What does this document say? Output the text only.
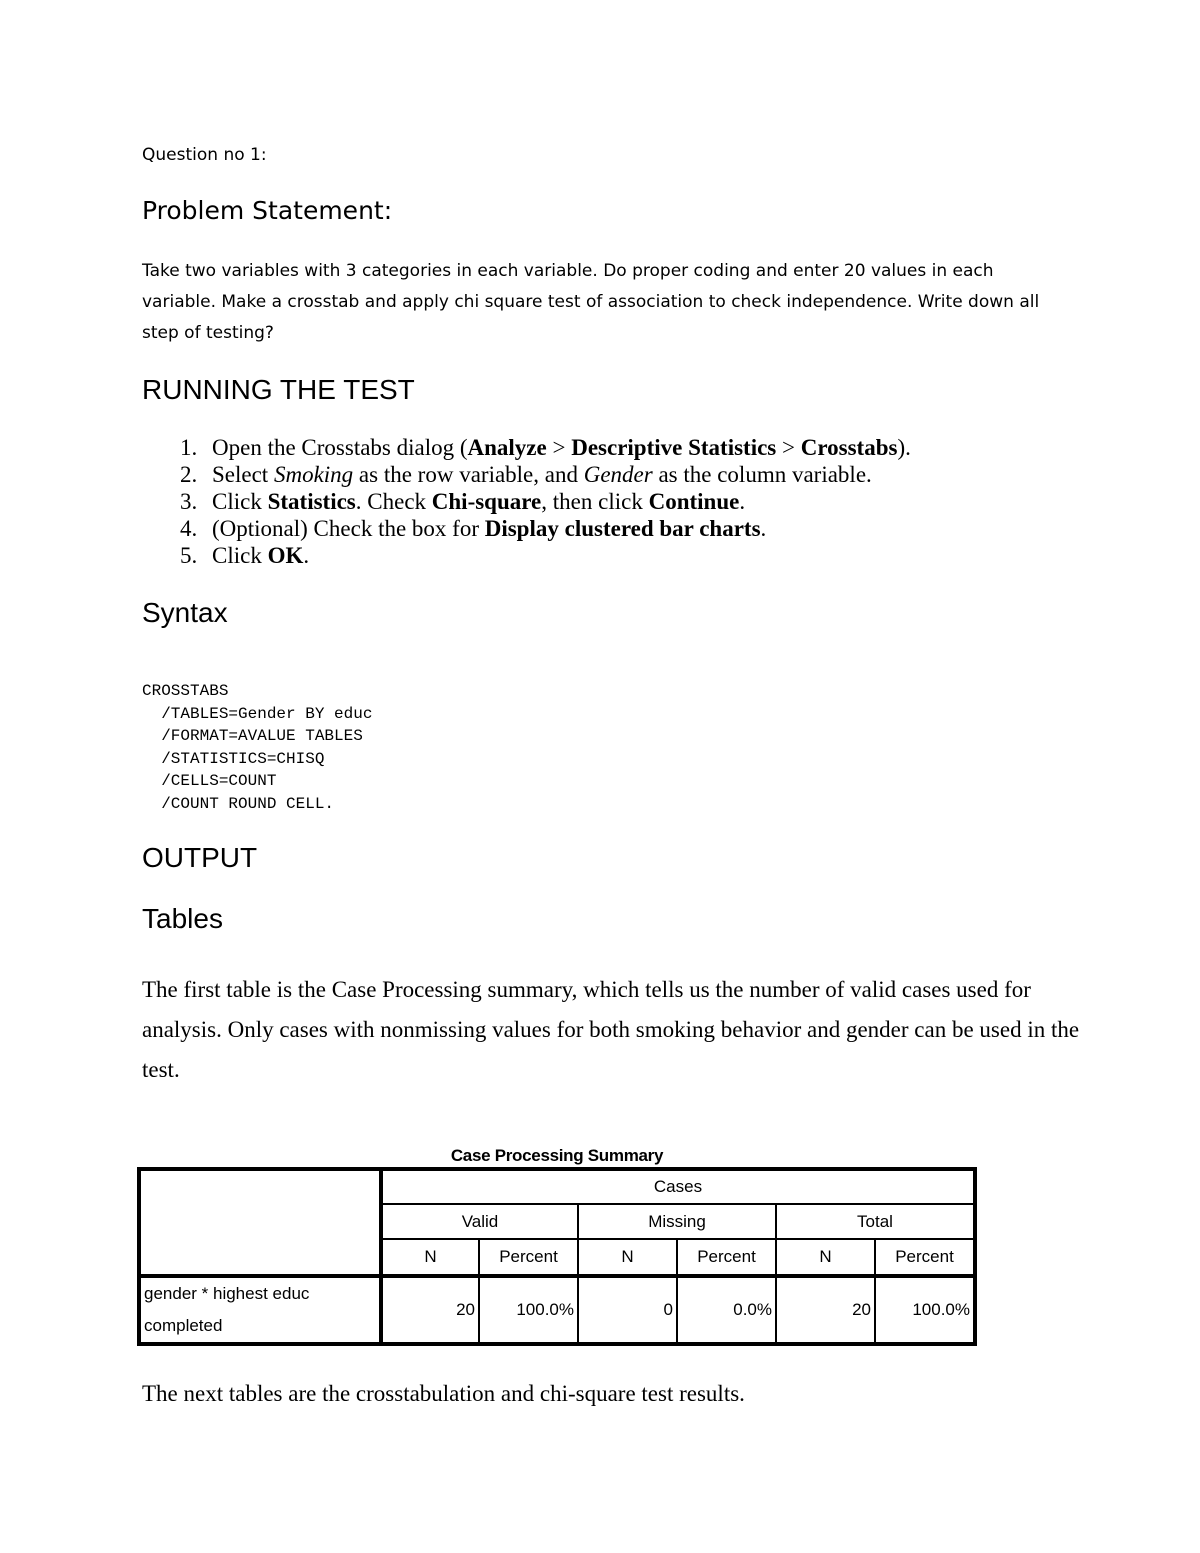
Question no 1:

Problem Statement:

Take two variables with 3 categories in each variable. Do proper coding and enter 20 values in each variable. Make a crosstab and apply chi square test of association to check independence. Write down all step of testing?

RUNNING THE TEST

1. Open the Crosstabs dialog (Analyze > Descriptive Statistics > Crosstabs).
2. Select Smoking as the row variable, and Gender as the column variable.
3. Click Statistics. Check Chi-square, then click Continue.
4. (Optional) Check the box for Display clustered bar charts.
5. Click OK.

Syntax

CROSSTABS
/TABLES=Gender BY educ
/FORMAT=AVALUE TABLES
/STATISTICS=CHISQ
/CELLS=COUNT
/COUNT ROUND CELL.

OUTPUT

Tables

The first table is the Case Processing summary, which tells us the number of valid cases used for analysis. Only cases with nonmissing values for both smoking behavior and gender can be used in the test.

Case Processing Summary

	Cases					
	Valid		Missing		Total	
	N	Percent	N	Percent	N	Percent
gender * highest educ completed	20	100.0%	0	0.0%	20	100.0%

The next tables are the crosstabulation and chi-square test results.
